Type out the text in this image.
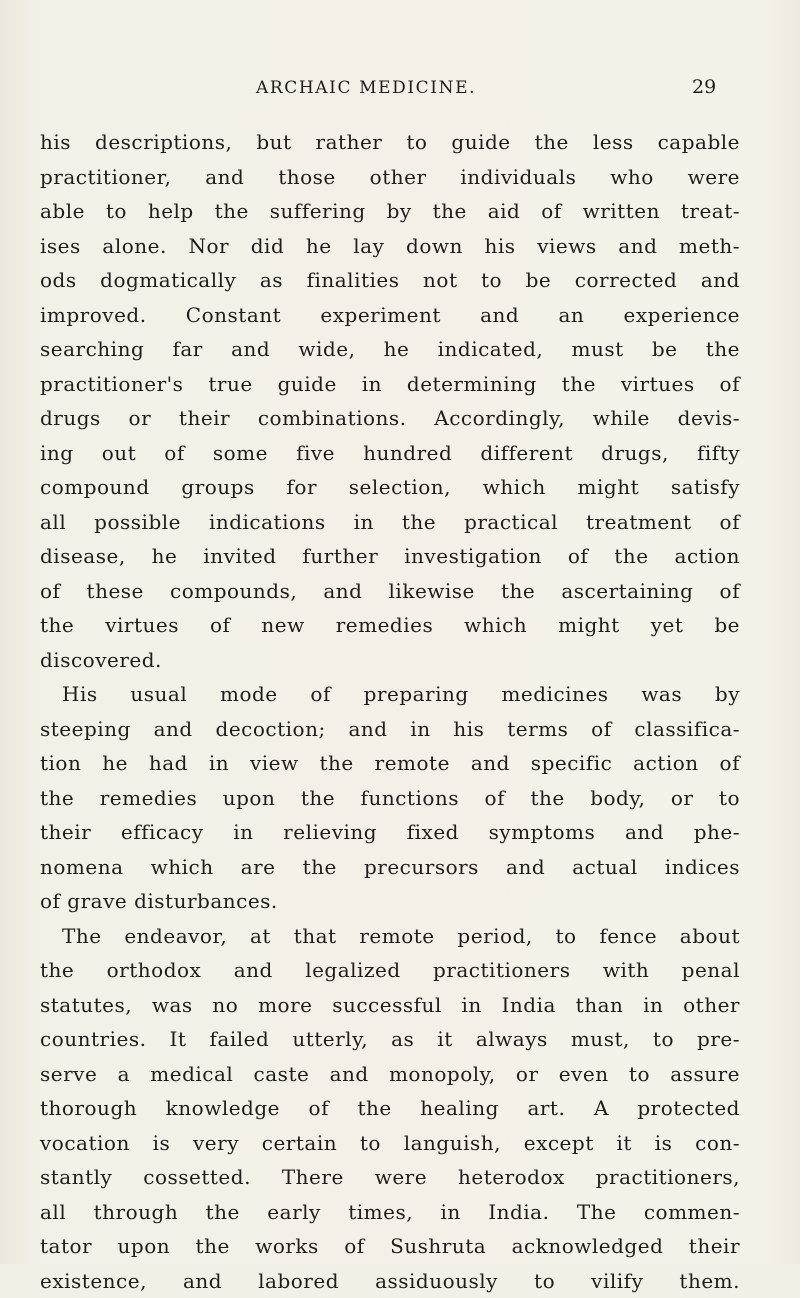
ARCHAIC MEDICINE.	29
his descriptions, but rather to guide the less capable
practitioner, and those other individuals who were
able to help the suffering by the aid of written treat-
ises alone. Nor did he lay down his views and meth-
ods dogmatically as finalities not to be corrected and
improved. Constant experiment and an experience
searching far and wide, he indicated, must be the
practitioner's true guide in determining the virtues of
drugs or their combinations. Accordingly, while devis-
ing out of some five hundred different drugs, fifty
compound groups for selection, which might satisfy
all possible indications in the practical treatment of
disease, he invited further investigation of the action
of these compounds, and likewise the ascertaining of
the virtues of new remedies which might yet be
discovered.
His usual mode of preparing medicines was by
steeping and decoction; and in his terms of classifica-
tion he had in view the remote and specific action of
the remedies upon the functions of the body, or to
their efficacy in relieving fixed symptoms and phe-
nomena which are the precursors and actual indices
of grave disturbances.
The endeavor, at that remote period, to fence about
the orthodox and legalized practitioners with penal
statutes, was no more successful in India than in other
countries. It failed utterly, as it always must, to pre-
serve a medical caste and monopoly, or even to assure
thorough knowledge of the healing art. A protected
vocation is very certain to languish, except it is con-
stantly cossetted. There were heterodox practitioners,
all through the early times, in India. The commen-
tator upon the works of Sushruta acknowledged their
existence, and labored assiduously to vilify them.
